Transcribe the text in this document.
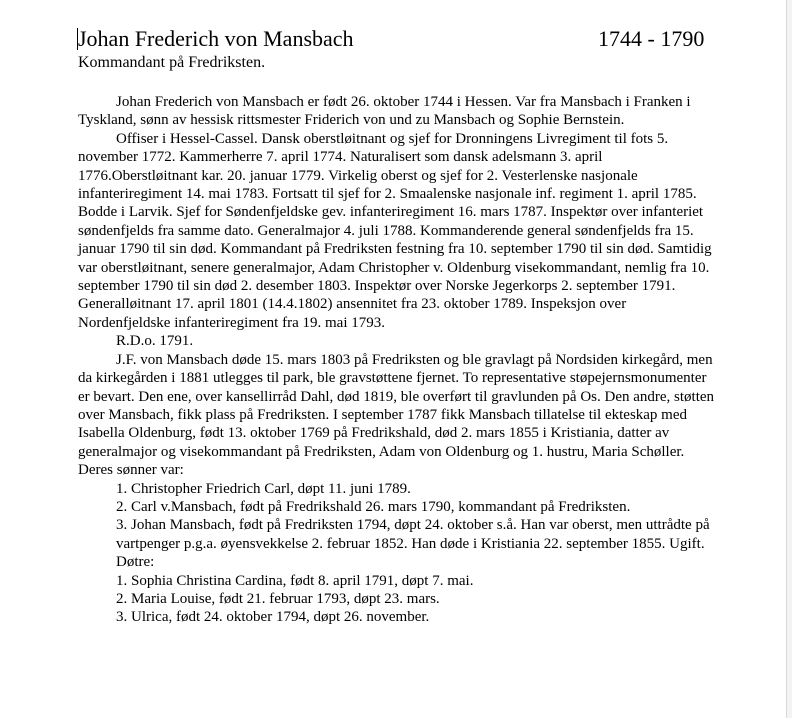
Johan Frederich von Mansbach	1744 - 1790
Kommandant på Fredriksten.

Johan Frederich von Mansbach er født 26. oktober 1744 i Hessen. Var fra Mansbach i Franken i Tyskland, sønn av hessisk rittsmester Friderich von und zu Mansbach og Sophie Bernstein.

Offiser i Hessel-Cassel. Dansk oberstløitnant og sjef for Dronningens Livregiment til fots 5. november 1772. Kammerherre 7. april 1774. Naturalisert som dansk adelsmann 3. april 1776.Oberstløitnant kar. 20. januar 1779. Virkelig oberst og sjef for 2. Vesterlenske nasjonale infanteriregiment 14. mai 1783. Fortsatt til sjef for 2. Smaalenske nasjonale inf. regiment 1. april 1785. Bodde i Larvik. Sjef for Søndenfjeldske gev. infanteriregiment 16. mars 1787. Inspektør over infanteriet søndenfjelds fra samme dato. Generalmajor 4. juli 1788. Kommanderende general søndenfjelds fra 15. januar 1790 til sin død. Kommandant på Fredriksten festning fra 10. september 1790 til sin død. Samtidig var oberstløitnant, senere generalmajor, Adam Christopher v. Oldenburg visekommandant, nemlig fra 10. september 1790 til sin død 2. desember 1803. Inspektør over Norske Jegerkorps 2. september 1791. Generalløitnant 17. april 1801 (14.4.1802) ansennitet fra 23. oktober 1789. Inspeksjon over Nordenfjeldske infanteriregiment fra 19. mai 1793.

R.D.o. 1791.

J.F. von Mansbach døde 15. mars 1803 på Fredriksten og ble gravlagt på Nordsiden kirkegård, men da kirkegården i 1881 utlegges til park, ble gravstøttene fjernet. To representative støpejernsmonumenter er bevart. Den ene, over kansellirråd Dahl, død 1819, ble overført til gravlunden på Os. Den andre, støtten over Mansbach, fikk plass på Fredriksten. I september 1787 fikk Mansbach tillatelse til ekteskap med Isabella Oldenburg, født 13. oktober 1769 på Fredrikshald, død 2. mars 1855 i Kristiania, datter av generalmajor og visekommandant på Fredriksten, Adam von Oldenburg og 1. hustru, Maria Schøller. Deres sønner var:

1. Christopher Friedrich Carl, døpt 11. juni 1789.

2. Carl v.Mansbach, født på Fredrikshald 26. mars 1790, kommandant på Fredriksten.

3. Johan Mansbach, født på Fredriksten 1794, døpt 24. oktober s.å. Han var oberst, men uttrådte på vartpenger p.g.a. øyensvekkelse 2. februar 1852. Han døde i Kristiania 22. september 1855. Ugift.

Døtre:

1. Sophia Christina Cardina, født 8. april 1791, døpt 7. mai.

2. Maria Louise, født 21. februar 1793, døpt 23. mars.

3. Ulrica, født 24. oktober 1794, døpt 26. november.
